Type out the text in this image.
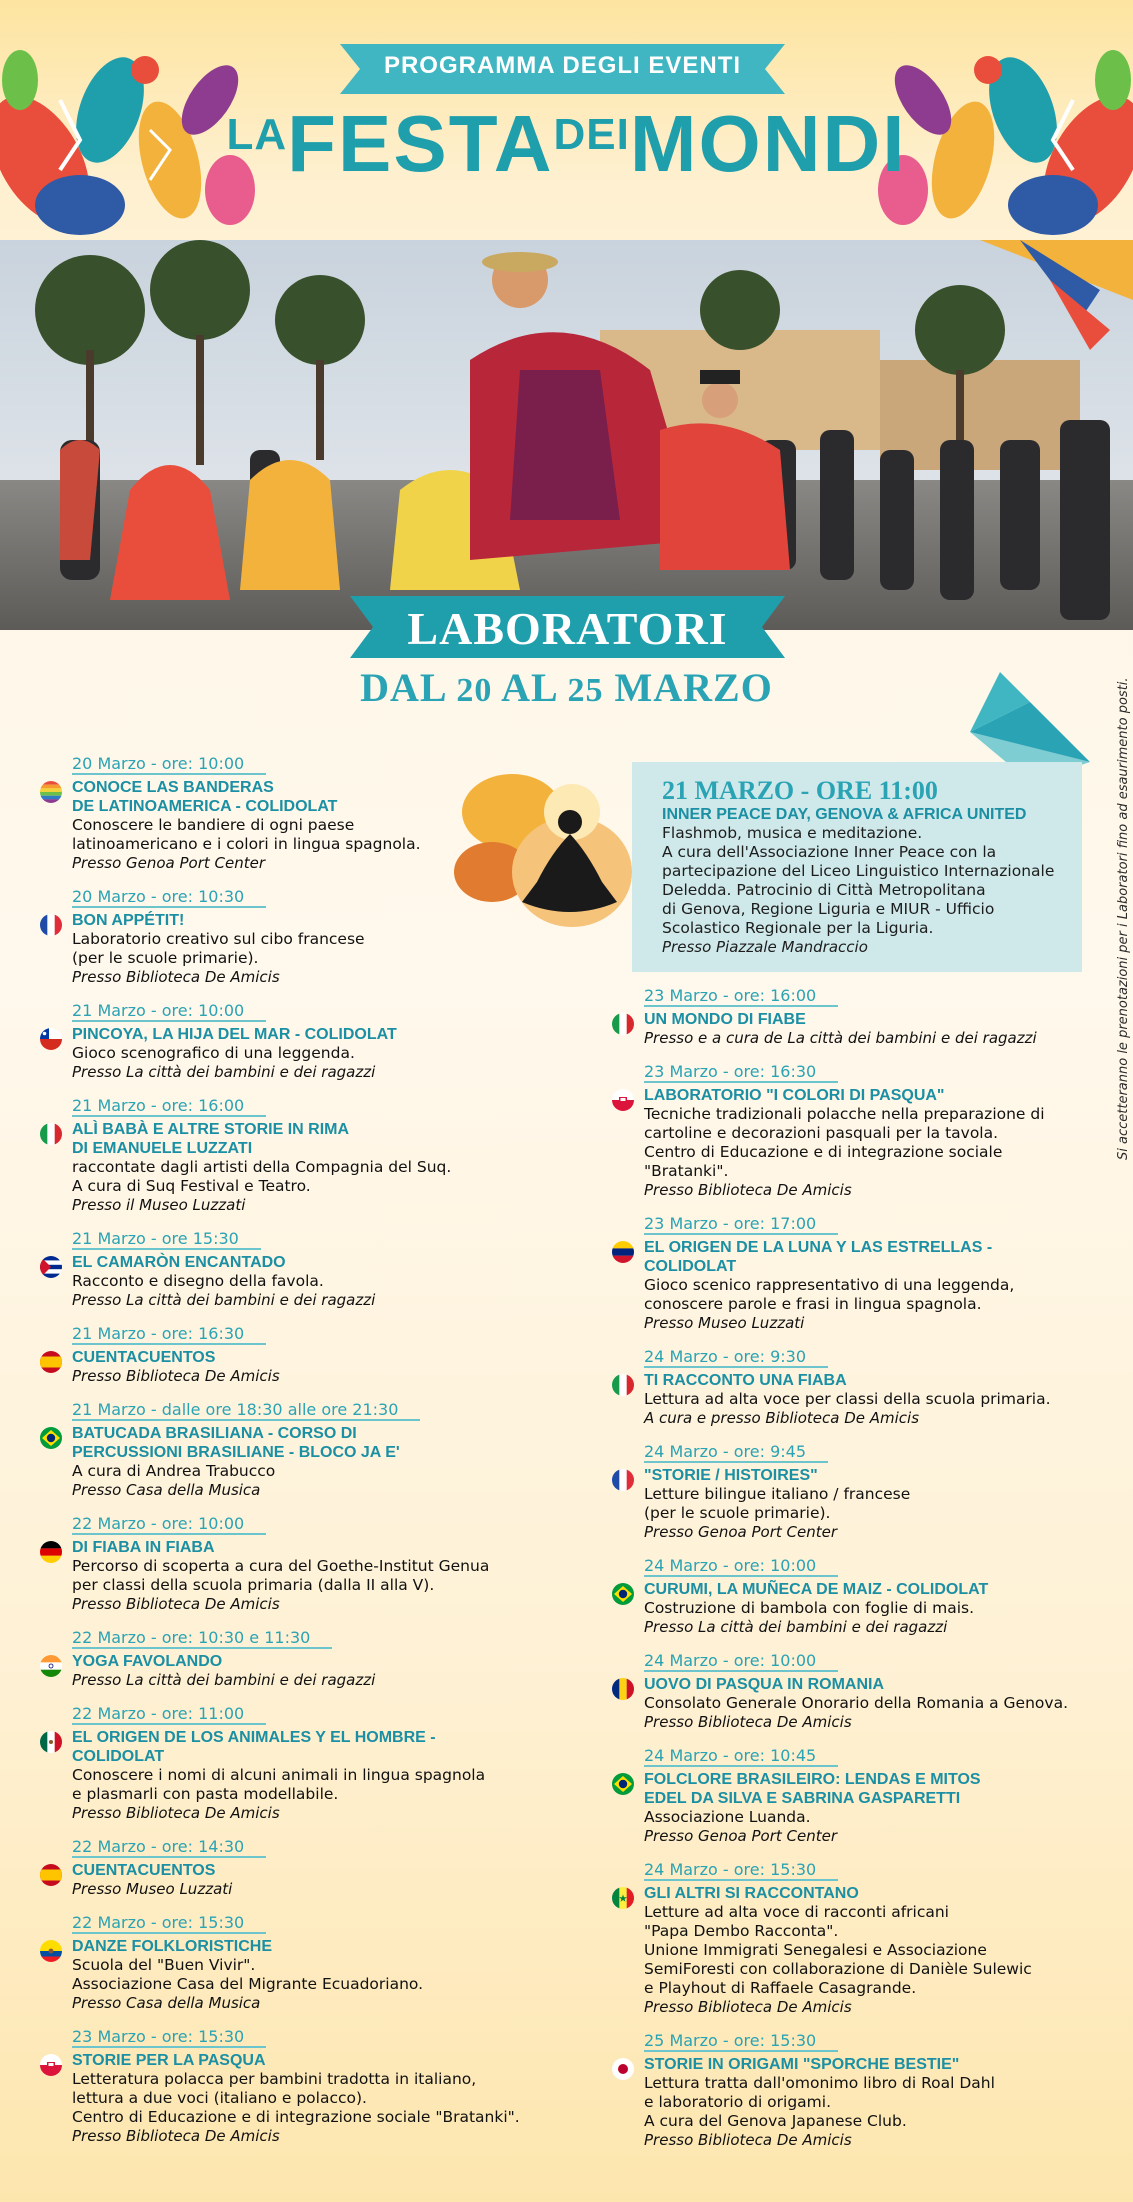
PROGRAMMA DEGLI EVENTI
LAFESTADEIMONDI
LABORATORI
DAL 20 AL 25 MARZO	Si accetteranno le prenotazioni per i Laboratori fino ad esaurimento posti.
21 MARZO - ORE 11:00
INNER PEACE DAY, GENOVA & AFRICA UNITED
Flashmob, musica e meditazione.
A cura dell'Associazione Inner Peace con la
partecipazione del Liceo Linguistico Internazionale
Deledda. Patrocinio di Città Metropolitana
di Genova, Regione Liguria e MIUR - Ufficio
Scolastico Regionale per la Liguria.
Presso Piazzale Mandraccio
20 Marzo - ore: 10:00
CONOCE LAS BANDERAS
DE LATINOAMERICA - COLIDOLAT
Conoscere le bandiere di ogni paese
latinoamericano e i colori in lingua spagnola.
Presso Genoa Port Center
20 Marzo - ore: 10:30
BON APPÉTIT!
Laboratorio creativo sul cibo francese
(per le scuole primarie).
Presso Biblioteca De Amicis
21 Marzo - ore: 10:00
PINCOYA, LA HIJA DEL MAR - COLIDOLAT
Gioco scenografico di una leggenda.
Presso La città dei bambini e dei ragazzi
21 Marzo - ore: 16:00
ALÌ BABÀ E ALTRE STORIE IN RIMA
DI EMANUELE LUZZATI
raccontate dagli artisti della Compagnia del Suq.
A cura di Suq Festival e Teatro.
Presso il Museo Luzzati
21 Marzo - ore 15:30
EL CAMARÒN ENCANTADO
Racconto e disegno della favola.
Presso La città dei bambini e dei ragazzi
21 Marzo - ore: 16:30
CUENTACUENTOS
Presso Biblioteca De Amicis
21 Marzo - dalle ore 18:30 alle ore 21:30
BATUCADA BRASILIANA - CORSO DI
PERCUSSIONI BRASILIANE - BLOCO JA E'
A cura di Andrea Trabucco
Presso Casa della Musica
22 Marzo - ore: 10:00
DI FIABA IN FIABA
Percorso di scoperta a cura del Goethe-Institut Genua
per classi della scuola primaria (dalla II alla V).
Presso Biblioteca De Amicis
22 Marzo - ore: 10:30 e 11:30
YOGA FAVOLANDO
Presso La città dei bambini e dei ragazzi
22 Marzo - ore: 11:00
EL ORIGEN DE LOS ANIMALES Y EL HOMBRE -
COLIDOLAT
Conoscere i nomi di alcuni animali in lingua spagnola
e plasmarli con pasta modellabile.
Presso Biblioteca De Amicis
22 Marzo - ore: 14:30
CUENTACUENTOS
Presso Museo Luzzati
22 Marzo - ore: 15:30
DANZE FOLKLORISTICHE
Scuola del "Buen Vivir".
Associazione Casa del Migrante Ecuadoriano.
Presso Casa della Musica
23 Marzo - ore: 15:30
STORIE PER LA PASQUA
Letteratura polacca per bambini tradotta in italiano,
lettura a due voci (italiano e polacco).
Centro di Educazione e di integrazione sociale "Bratanki".
Presso Biblioteca De Amicis
23 Marzo - ore: 16:00
UN MONDO DI FIABE
Presso e a cura de La città dei bambini e dei ragazzi
23 Marzo - ore: 16:30
LABORATORIO "I COLORI DI PASQUA"
Tecniche tradizionali polacche nella preparazione di
cartoline e decorazioni pasquali per la tavola.
Centro di Educazione e di integrazione sociale
"Bratanki".
Presso Biblioteca De Amicis
23 Marzo - ore: 17:00
EL ORIGEN DE LA LUNA Y LAS ESTRELLAS -
COLIDOLAT
Gioco scenico rappresentativo di una leggenda,
conoscere parole e frasi in lingua spagnola.
Presso Museo Luzzati
24 Marzo - ore: 9:30
TI RACCONTO UNA FIABA
Lettura ad alta voce per classi della scuola primaria.
A cura e presso Biblioteca De Amicis
24 Marzo - ore: 9:45
"STORIE / HISTOIRES"
Letture bilingue italiano / francese
(per le scuole primarie).
Presso Genoa Port Center
24 Marzo - ore: 10:00
CURUMI, LA MUÑECA DE MAIZ - COLIDOLAT
Costruzione di bambola con foglie di mais.
Presso La città dei bambini e dei ragazzi
24 Marzo - ore: 10:00
UOVO DI PASQUA IN ROMANIA
Consolato Generale Onorario della Romania a Genova.
Presso Biblioteca De Amicis
24 Marzo - ore: 10:45
FOLCLORE BRASILEIRO: LENDAS E MITOS
EDEL DA SILVA E SABRINA GASPARETTI
Associazione Luanda.
Presso Genoa Port Center
24 Marzo - ore: 15:30
GLI ALTRI SI RACCONTANO
Letture ad alta voce di racconti africani
"Papa Dembo Racconta".
Unione Immigrati Senegalesi e Associazione
SemiForesti con collaborazione di Danièle Sulewic
e Playhout di Raffaele Casagrande.
Presso Biblioteca De Amicis
25 Marzo - ore: 15:30
STORIE IN ORIGAMI "SPORCHE BESTIE"
Lettura tratta dall'omonimo libro di Roal Dahl
e laboratorio di origami.
A cura del Genova Japanese Club.
Presso Biblioteca De Amicis
